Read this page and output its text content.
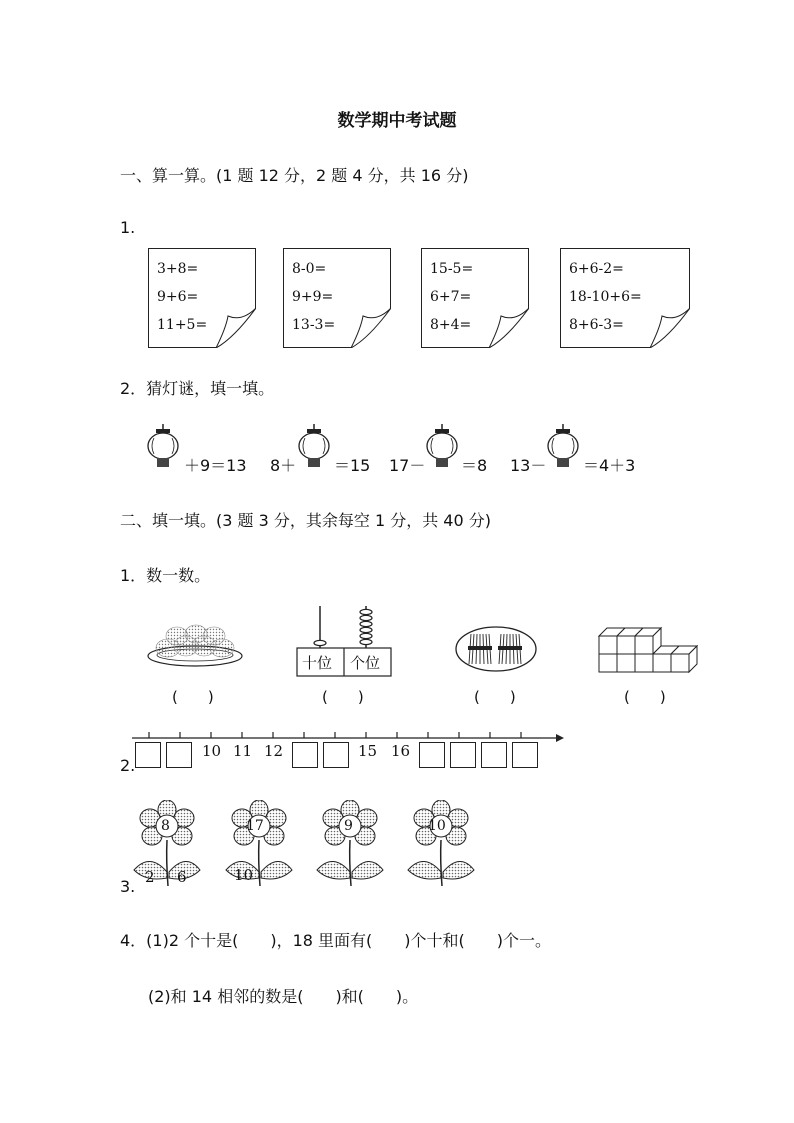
数学期中考试题
一、算一算。(1 题 12 分，2 题 4 分，共 16 分)
1.
3+8=
9+6=
11+5=
8-0=
9+9=
13-3=
15-5=
6+7=
8+4=
6+6-2=
18-10+6=
8+6-3=
2．猜灯谜，填一填。
＋9＝13 8＋ ＝15 17－ ＝8 13－ ＝4＋3
二、填一填。(3 题 3 分，其余每空 1 分，共 40 分)
1．数一数。
(　　)
十位 个位
(　　)	(　　)	(　　)
2.
10 11 12	15 16
8
2 6
17
10
9	10
3.
4．(1)2 个十是(　　)，18 里面有(　　)个十和(　　)个一。
(2)和 14 相邻的数是(　　)和(　　)。
